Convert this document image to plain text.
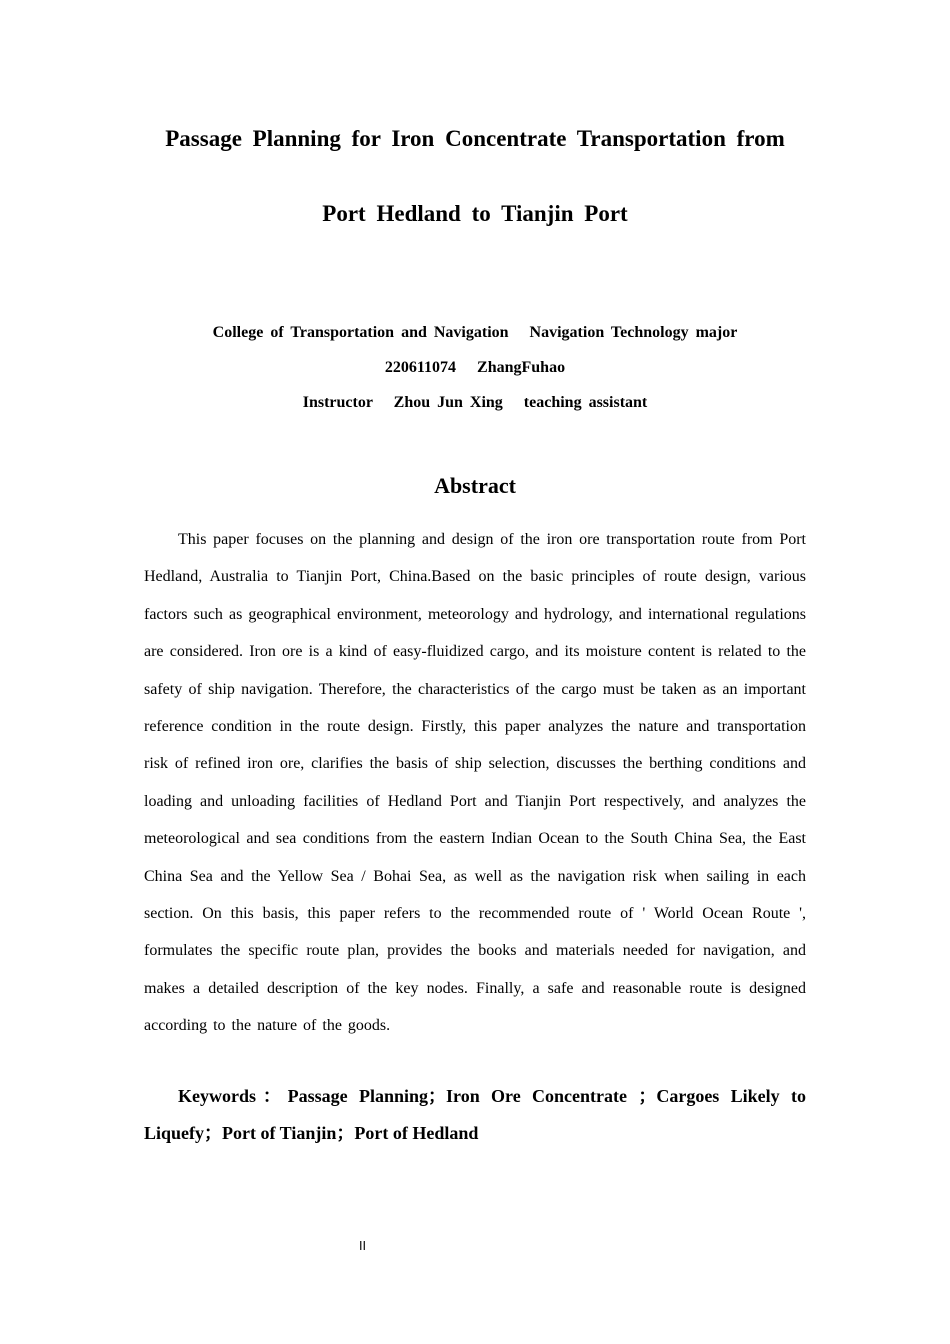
Passage Planning for Iron Concentrate Transportation from
Port Hedland to Tianjin Port

College of Transportation and Navigation   Navigation Technology major

220611074   ZhangFuhao

Instructor   Zhou Jun Xing   teaching assistant

Abstract

This paper focuses on the planning and design of the iron ore transportation route from Port Hedland, Australia to Tianjin Port, China.Based on the basic principles of route design, various factors such as geographical environment, meteorology and hydrology, and international regulations are considered. Iron ore is a kind of easy-fluidized cargo, and its moisture content is related to the safety of ship navigation. Therefore, the characteristics of the cargo must be taken as an important reference condition in the route design. Firstly, this paper analyzes the nature and transportation risk of refined iron ore, clarifies the basis of ship selection, discusses the berthing conditions and loading and unloading facilities of Hedland Port and Tianjin Port respectively, and analyzes the meteorological and sea conditions from the eastern Indian Ocean to the South China Sea, the East China Sea and the Yellow Sea / Bohai Sea, as well as the navigation risk when sailing in each section. On this basis, this paper refers to the recommended route of ' World Ocean Route ', formulates the specific route plan, provides the books and materials needed for navigation, and makes a detailed description of the key nodes. Finally, a safe and reasonable route is designed according to the nature of the goods.

Keywords：Passage Planning；Iron Ore Concentrate ；Cargoes Likely to Liquefy；Port of Tianjin；Port of Hedland

II
